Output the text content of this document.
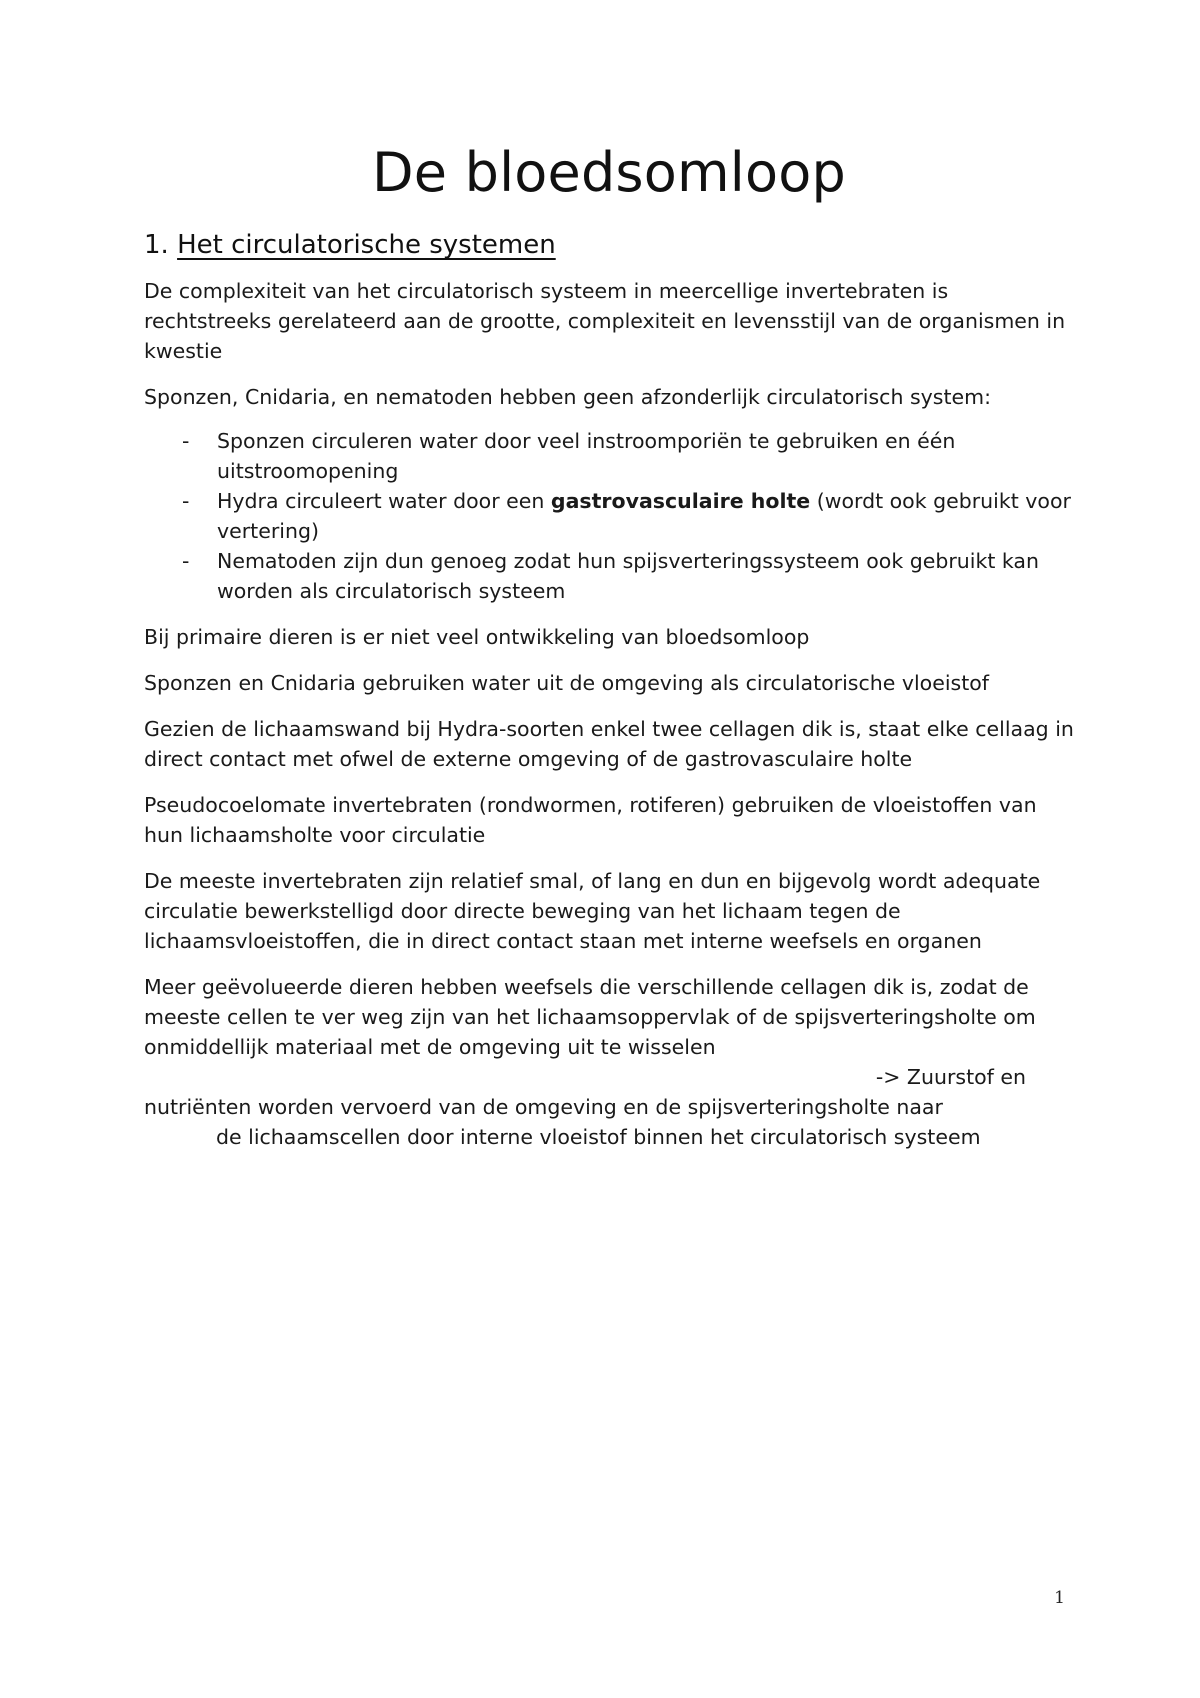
De bloedsomloop
1. Het circulatorische systemen

De complexiteit van het circulatorisch systeem in meercellige invertebraten is rechtstreeks gerelateerd aan de grootte, complexiteit en levensstijl van de organismen in kwestie

Sponzen, Cnidaria, en nematoden hebben geen afzonderlijk circulatorisch system:

- Sponzen circuleren water door veel instroomporiën te gebruiken en één uitstroomopening
- Hydra circuleert water door een gastrovasculaire holte (wordt ook gebruikt voor vertering)
- Nematoden zijn dun genoeg zodat hun spijsverteringssysteem ook gebruikt kan worden als circulatorisch systeem

Bij primaire dieren is er niet veel ontwikkeling van bloedsomloop

Sponzen en Cnidaria gebruiken water uit de omgeving als circulatorische vloeistof

Gezien de lichaamswand bij Hydra-soorten enkel twee cellagen dik is, staat elke cellaag in direct contact met ofwel de externe omgeving of de gastrovasculaire holte

Pseudocoelomate invertebraten (rondwormen, rotiferen) gebruiken de vloeistoffen van hun lichaamsholte voor circulatie

De meeste invertebraten zijn relatief smal, of lang en dun en bijgevolg wordt adequate circulatie bewerkstelligd door directe beweging van het lichaam tegen de lichaamsvloeistoffen, die in direct contact staan met interne weefsels en organen

Meer geëvolueerde dieren hebben weefsels die verschillende cellagen dik is, zodat de meeste cellen te ver weg zijn van het lichaamsoppervlak of de spijsverteringsholte om onmiddellijk materiaal met de omgeving uit te wisselen
-> Zuurstof en
nutriënten worden vervoerd van de omgeving en de spijsverteringsholte naar
de lichaamscellen door interne vloeistof binnen het circulatorisch systeem

1
